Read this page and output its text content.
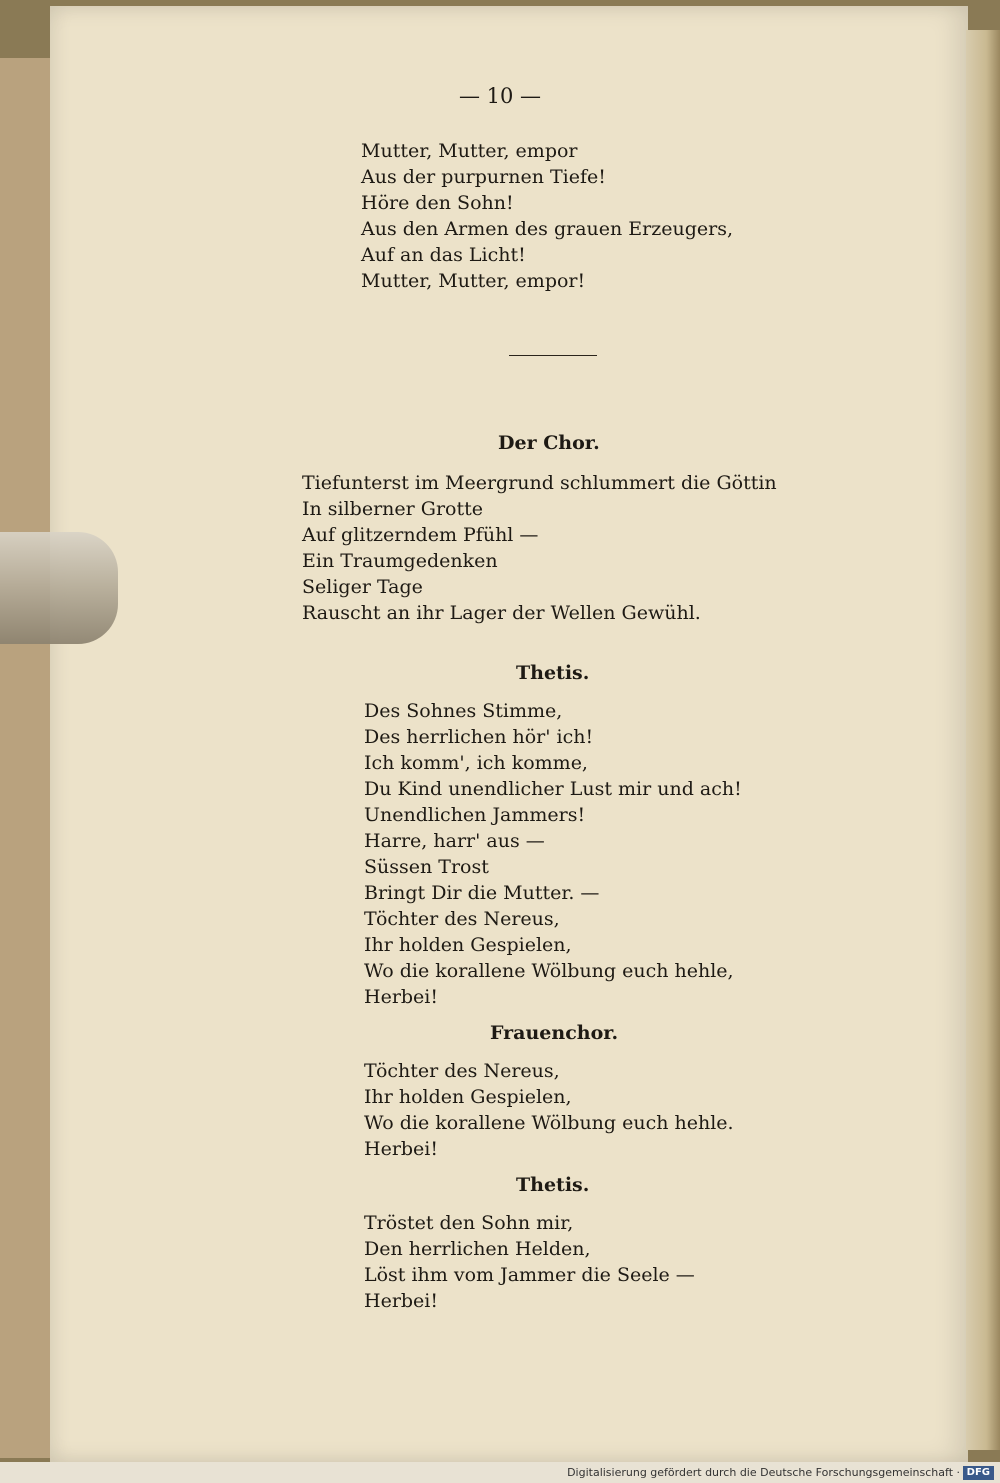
— 10 —
Mutter, Mutter, empor
Aus der purpurnen Tiefe!
Höre den Sohn!
Aus den Armen des grauen Erzeugers,
Auf an das Licht!
Mutter, Mutter, empor!
Der Chor.
Tiefunterst im Meergrund schlummert die Göttin
In silberner Grotte
Auf glitzerndem Pfühl —
Ein Traumgedenken
Seliger Tage
Rauscht an ihr Lager der Wellen Gewühl.
Thetis.
Des Sohnes Stimme,
Des herrlichen hör' ich!
Ich komm', ich komme,
Du Kind unendlicher Lust mir und ach!
Unendlichen Jammers!
Harre, harr' aus —
Süssen Trost
Bringt Dir die Mutter. —
Töchter des Nereus,
Ihr holden Gespielen,
Wo die korallene Wölbung euch hehle,
Herbei!
Frauenchor.
Töchter des Nereus,
Ihr holden Gespielen,
Wo die korallene Wölbung euch hehle.
Herbei!
Thetis.
Tröstet den Sohn mir,
Den herrlichen Helden,
Löst ihm vom Jammer die Seele —
Herbei!
Digitalisierung gefördert durch die Deutsche Forschungsgemeinschaft · DFG
